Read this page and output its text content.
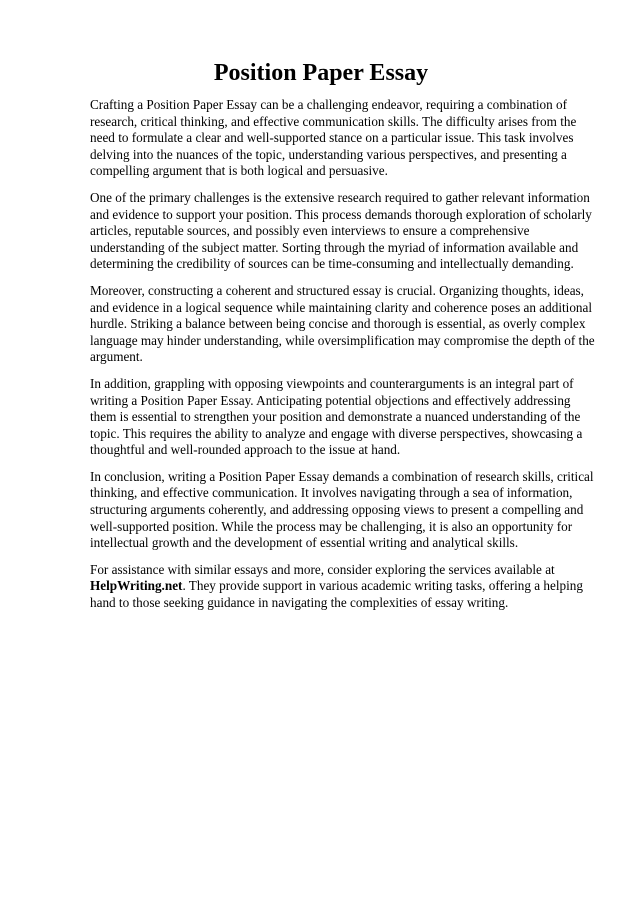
Position Paper Essay

Crafting a Position Paper Essay can be a challenging endeavor, requiring a combination of research, critical thinking, and effective communication skills. The difficulty arises from the need to formulate a clear and well-supported stance on a particular issue. This task involves delving into the nuances of the topic, understanding various perspectives, and presenting a compelling argument that is both logical and persuasive.

One of the primary challenges is the extensive research required to gather relevant information and evidence to support your position. This process demands thorough exploration of scholarly articles, reputable sources, and possibly even interviews to ensure a comprehensive understanding of the subject matter. Sorting through the myriad of information available and determining the credibility of sources can be time-consuming and intellectually demanding.

Moreover, constructing a coherent and structured essay is crucial. Organizing thoughts, ideas, and evidence in a logical sequence while maintaining clarity and coherence poses an additional hurdle. Striking a balance between being concise and thorough is essential, as overly complex language may hinder understanding, while oversimplification may compromise the depth of the argument.

In addition, grappling with opposing viewpoints and counterarguments is an integral part of writing a Position Paper Essay. Anticipating potential objections and effectively addressing them is essential to strengthen your position and demonstrate a nuanced understanding of the topic. This requires the ability to analyze and engage with diverse perspectives, showcasing a thoughtful and well-rounded approach to the issue at hand.

In conclusion, writing a Position Paper Essay demands a combination of research skills, critical thinking, and effective communication. It involves navigating through a sea of information, structuring arguments coherently, and addressing opposing views to present a compelling and well-supported position. While the process may be challenging, it is also an opportunity for intellectual growth and the development of essential writing and analytical skills.

For assistance with similar essays and more, consider exploring the services available at
HelpWriting.net. They provide support in various academic writing tasks, offering a helping hand to those seeking guidance in navigating the complexities of essay writing.
